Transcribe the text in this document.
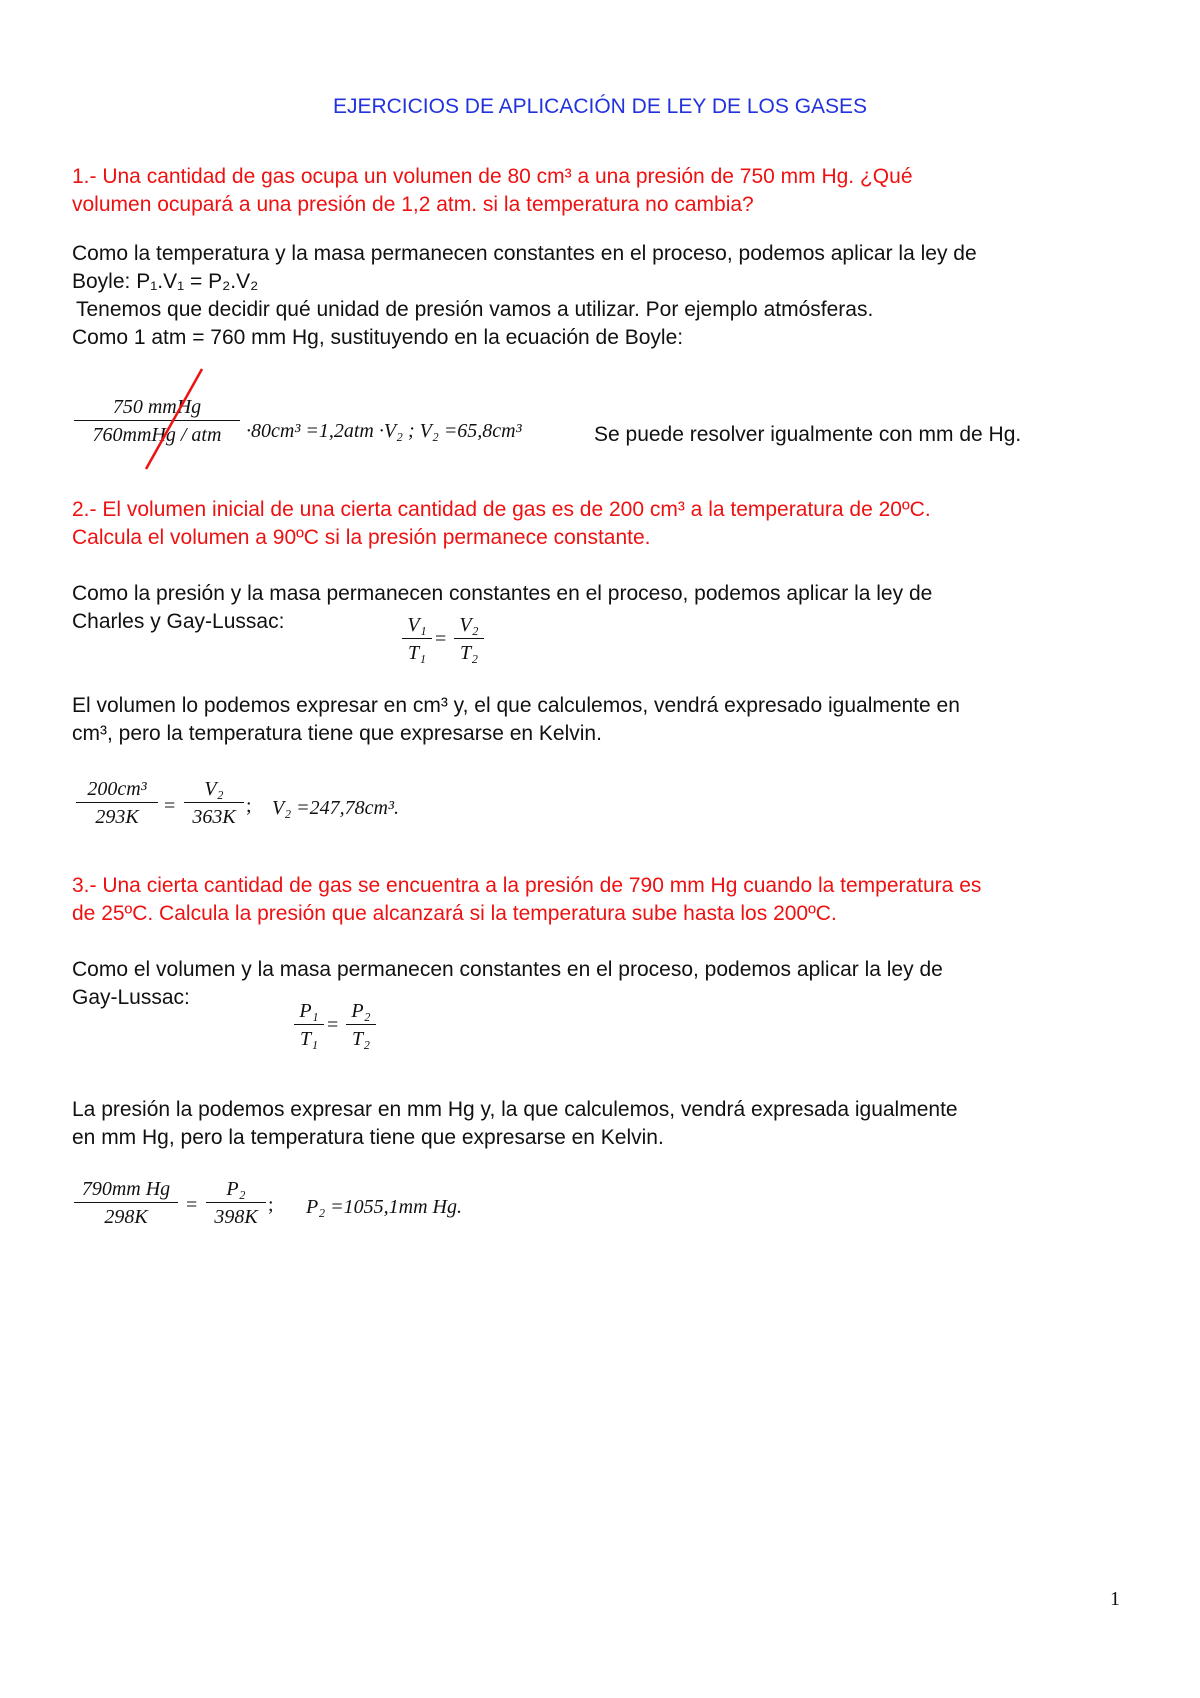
EJERCICIOS DE APLICACIÓN DE LEY DE LOS GASES
1.- Una cantidad de gas ocupa un volumen de 80 cm³ a una presión de 750 mm Hg. ¿Qué
volumen ocupará a una presión de 1,2 atm. si la temperatura no cambia?
Como la temperatura y la masa permanecen constantes en el proceso, podemos aplicar la ley de
Boyle: P₁.V₁ = P₂.V₂
Tenemos que decidir qué unidad de presión vamos a utilizar. Por ejemplo atmósferas.
Como 1 atm = 760 mm Hg, sustituyendo en la ecuación de Boyle:
750 mmHg
760mmHg / atm	·80cm³ =1,2atm ·V₂ ; V₂ =65,8cm³	Se puede resolver igualmente con mm de Hg.
2.- El volumen inicial de una cierta cantidad de gas es de 200 cm³ a la temperatura de 20ºC.
Calcula el volumen a 90ºC si la presión permanece constante.
Como la presión y la masa permanecen constantes en el proceso, podemos aplicar la ley de
Charles y Gay-Lussac:	$\frac{\text{V₁}}{\text{T₁}} = \frac{\text{V₂}}{\text{T₂}}$
El volumen lo podemos expresar en cm³ y, el que calculemos, vendrá expresado igualmente en
cm³, pero la temperatura tiene que expresarse en Kelvin.
$\frac{\text{200cm³}}{293K} = \frac{\text{V₂}}{363K}$ ; V₂ =247,78cm³.
3.- Una cierta cantidad de gas se encuentra a la presión de 790 mm Hg cuando la temperatura es
de 25ºC. Calcula la presión que alcanzará si la temperatura sube hasta los 200ºC.
Como el volumen y la masa permanecen constantes en el proceso, podemos aplicar la ley de
Gay-Lussac:
$\frac{\text{P₁}}{\text{T₁}} = \frac{\text{P₂}}{\text{T₂}}$
La presión la podemos expresar en mm Hg y, la que calculemos, vendrá expresada igualmente
en mm Hg, pero la temperatura tiene que expresarse en Kelvin.
$\frac{\text{790mm Hg}}{298K} = \frac{\text{P₂}}{398K}$ ; P₂ =1055,1mm Hg.
1
